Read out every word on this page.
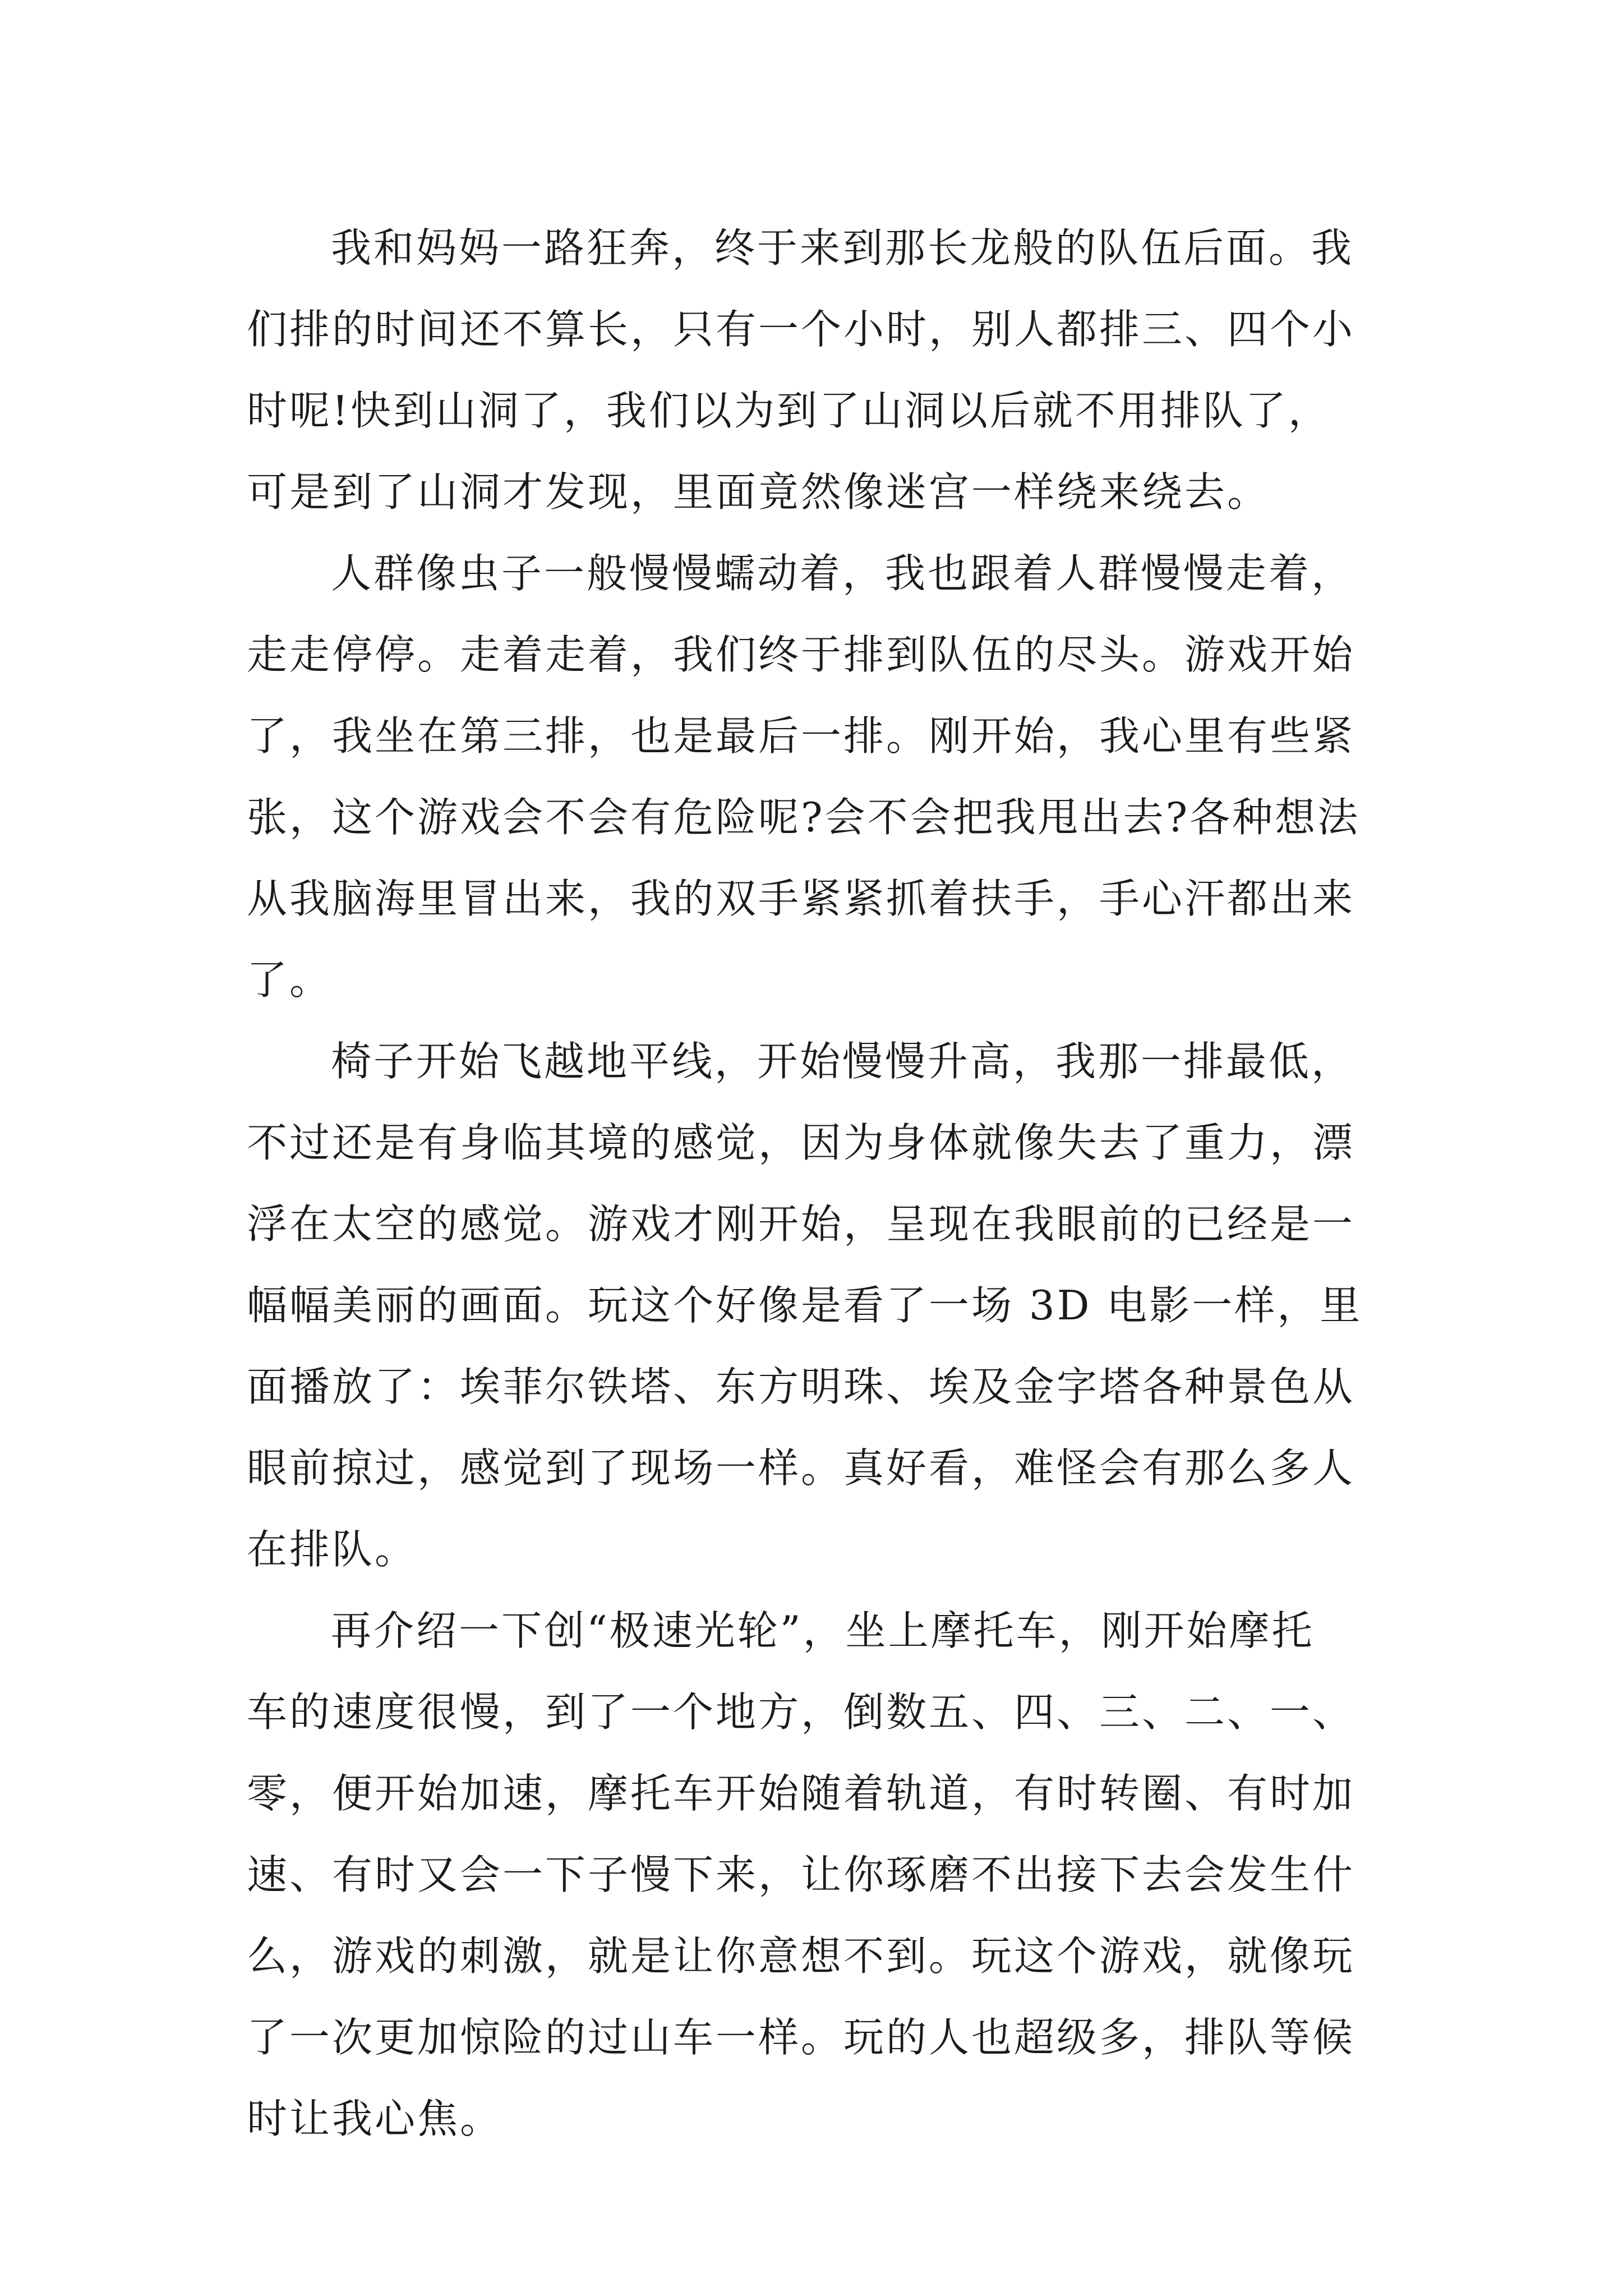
我和妈妈一路狂奔，终于来到那长龙般的队伍后面。我
们排的时间还不算长，只有一个小时，别人都排三、四个小
时呢!快到山洞了，我们以为到了山洞以后就不用排队了，
可是到了山洞才发现，里面竟然像迷宫一样绕来绕去。
人群像虫子一般慢慢蠕动着，我也跟着人群慢慢走着，
走走停停。走着走着，我们终于排到队伍的尽头。游戏开始
了，我坐在第三排，也是最后一排。刚开始，我心里有些紧
张，这个游戏会不会有危险呢?会不会把我甩出去?各种想法
从我脑海里冒出来，我的双手紧紧抓着扶手，手心汗都出来
了。
椅子开始飞越地平线，开始慢慢升高，我那一排最低，
不过还是有身临其境的感觉，因为身体就像失去了重力，漂
浮在太空的感觉。游戏才刚开始，呈现在我眼前的已经是一
幅幅美丽的画面。玩这个好像是看了一场 3D 电影一样，里
面播放了：埃菲尔铁塔、东方明珠、埃及金字塔各种景色从
眼前掠过，感觉到了现场一样。真好看，难怪会有那么多人
在排队。
再介绍一下创“极速光轮”，坐上摩托车，刚开始摩托
车的速度很慢，到了一个地方，倒数五、四、三、二、一、
零，便开始加速，摩托车开始随着轨道，有时转圈、有时加
速、有时又会一下子慢下来，让你琢磨不出接下去会发生什
么，游戏的刺激，就是让你意想不到。玩这个游戏，就像玩
了一次更加惊险的过山车一样。玩的人也超级多，排队等候
时让我心焦。
